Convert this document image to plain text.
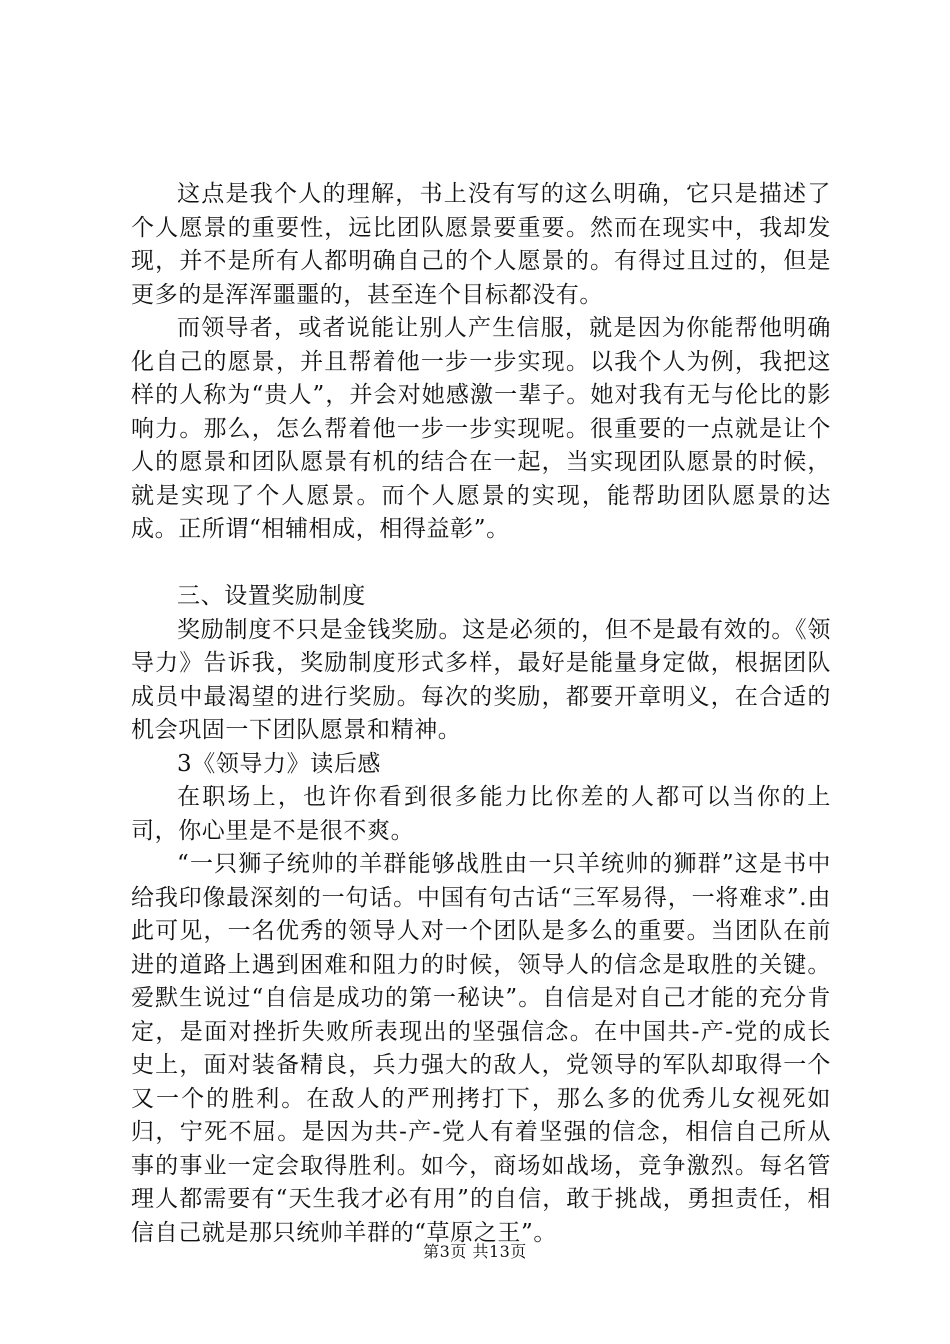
这点是我个人的理解，书上没有写的这么明确，它只是描述了个人愿景的重要性，远比团队愿景要重要。然而在现实中，我却发现，并不是所有人都明确自己的个人愿景的。有得过且过的，但是更多的是浑浑噩噩的，甚至连个目标都没有。

而领导者，或者说能让别人产生信服，就是因为你能帮他明确化自己的愿景，并且帮着他一步一步实现。以我个人为例，我把这样的人称为“贵人”，并会对她感激一辈子。她对我有无与伦比的影响力。那么，怎么帮着他一步一步实现呢。很重要的一点就是让个人的愿景和团队愿景有机的结合在一起，当实现团队愿景的时候，就是实现了个人愿景。而个人愿景的实现，能帮助团队愿景的达成。正所谓“相辅相成，相得益彰”。

三、设置奖励制度

奖励制度不只是金钱奖励。这是必须的，但不是最有效的。《领导力》告诉我，奖励制度形式多样，最好是能量身定做，根据团队成员中最渴望的进行奖励。每次的奖励，都要开章明义，在合适的机会巩固一下团队愿景和精神。

3《领导力》读后感

在职场上，也许你看到很多能力比你差的人都可以当你的上司，你心里是不是很不爽。

“一只狮子统帅的羊群能够战胜由一只羊统帅的狮群”这是书中给我印像最深刻的一句话。中国有句古话“三军易得，一将难求”.由此可见，一名优秀的领导人对一个团队是多么的重要。当团队在前进的道路上遇到困难和阻力的时候，领导人的信念是取胜的关键。爱默生说过“自信是成功的第一秘诀”。自信是对自己才能的充分肯定，是面对挫折失败所表现出的坚强信念。在中国共-产-党的成长史上，面对装备精良，兵力强大的敌人，党领导的军队却取得一个又一个的胜利。在敌人的严刑拷打下，那么多的优秀儿女视死如归，宁死不屈。是因为共-产-党人有着坚强的信念，相信自己所从事的事业一定会取得胜利。如今，商场如战场，竞争激烈。每名管理人都需要有“天生我才必有用”的自信，敢于挑战，勇担责任，相信自己就是那只统帅羊群的“草原之王”。

第3页 共13页
